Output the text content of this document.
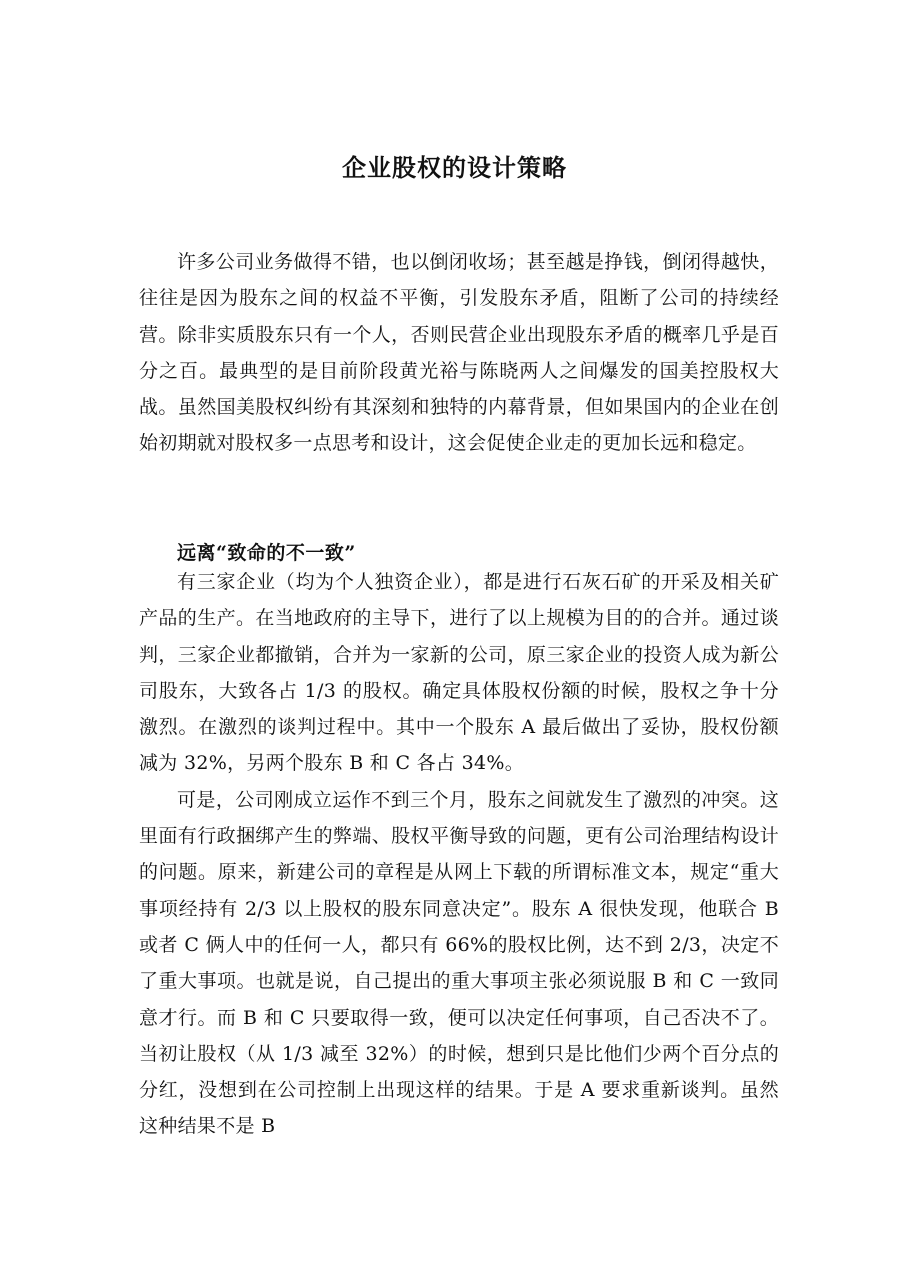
企业股权的设计策略

许多公司业务做得不错，也以倒闭收场；甚至越是挣钱，倒闭得越快，往往是因为股东之间的权益不平衡，引发股东矛盾，阻断了公司的持续经营。除非实质股东只有一个人，否则民营企业出现股东矛盾的概率几乎是百分之百。最典型的是目前阶段黄光裕与陈晓两人之间爆发的国美控股权大战。虽然国美股权纠纷有其深刻和独特的内幕背景，但如果国内的企业在创始初期就对股权多一点思考和设计，这会促使企业走的更加长远和稳定。

远离“致命的不一致”

有三家企业（均为个人独资企业），都是进行石灰石矿的开采及相关矿产品的生产。在当地政府的主导下，进行了以上规模为目的的合并。通过谈判，三家企业都撤销，合并为一家新的公司，原三家企业的投资人成为新公司股东，大致各占 1/3 的股权。确定具体股权份额的时候，股权之争十分激烈。在激烈的谈判过程中。其中一个股东 A 最后做出了妥协，股权份额减为 32%，另两个股东 B 和 C 各占 34%。

可是，公司刚成立运作不到三个月，股东之间就发生了激烈的冲突。这里面有行政捆绑产生的弊端、股权平衡导致的问题，更有公司治理结构设计的问题。原来，新建公司的章程是从网上下载的所谓标准文本，规定“重大事项经持有 2/3 以上股权的股东同意决定”。股东 A 很快发现，他联合 B 或者 C 俩人中的任何一人，都只有 66%的股权比例，达不到 2/3，决定不了重大事项。也就是说，自己提出的重大事项主张必须说服 B 和 C 一致同意才行。而 B 和 C 只要取得一致，便可以决定任何事项，自己否决不了。当初让股权（从 1/3 减至 32%）的时候，想到只是比他们少两个百分点的分红，没想到在公司控制上出现这样的结果。于是 A 要求重新谈判。虽然这种结果不是 B
